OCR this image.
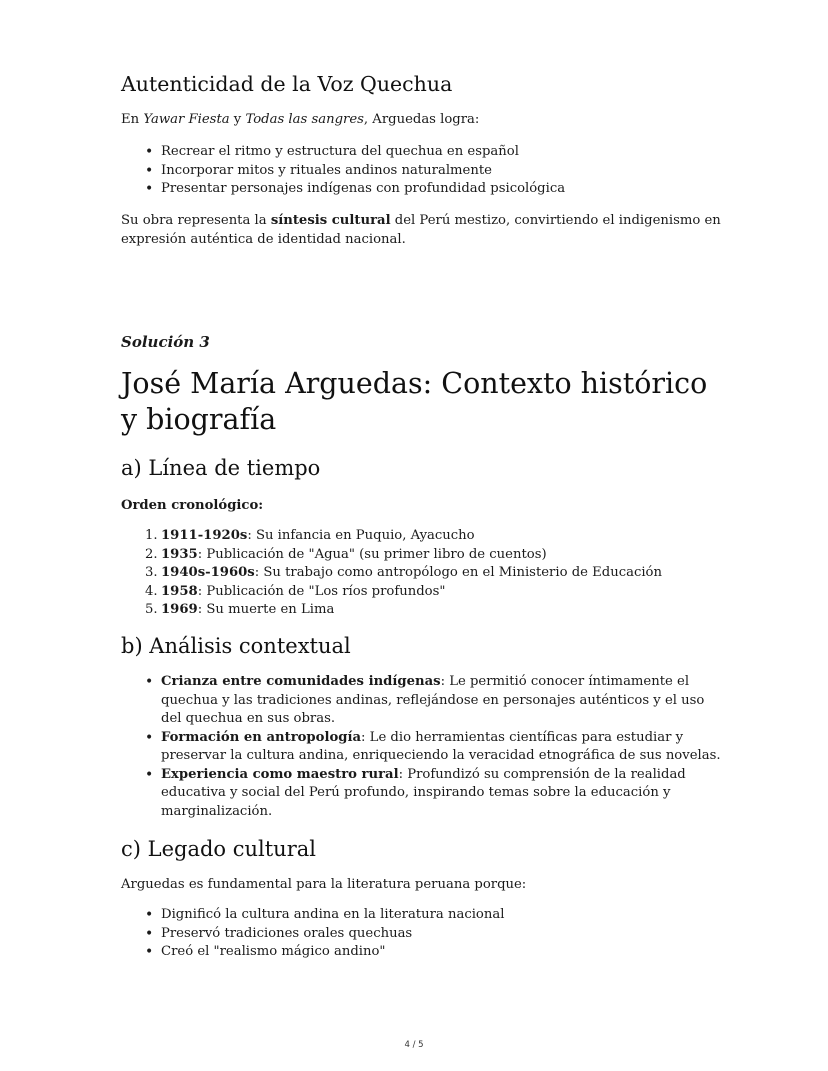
Autenticidad de la Voz Quechua

En Yawar Fiesta y Todas las sangres, Arguedas logra:

• Recrear el ritmo y estructura del quechua en español
• Incorporar mitos y rituales andinos naturalmente
• Presentar personajes indígenas con profundidad psicológica

Su obra representa la síntesis cultural del Perú mestizo, convirtiendo el indigenismo en expresión auténtica de identidad nacional.

Solución 3
José María Arguedas: Contexto histórico y biografía
a) Línea de tiempo

Orden cronológico:

1. 1911-1920s: Su infancia en Puquio, Ayacucho
2. 1935: Publicación de "Agua" (su primer libro de cuentos)
3. 1940s-1960s: Su trabajo como antropólogo en el Ministerio de Educación
4. 1958: Publicación de "Los ríos profundos"
5. 1969: Su muerte en Lima
b) Análisis contextual
• Crianza entre comunidades indígenas: Le permitió conocer íntimamente el quechua y las tradiciones andinas, reflejándose en personajes auténticos y el uso del quechua en sus obras.
• Formación en antropología: Le dio herramientas científicas para estudiar y preservar la cultura andina, enriqueciendo la veracidad etnográfica de sus novelas.
• Experiencia como maestro rural: Profundizó su comprensión de la realidad educativa y social del Perú profundo, inspirando temas sobre la educación y marginalización.
c) Legado cultural

Arguedas es fundamental para la literatura peruana porque:

• Dignificó la cultura andina en la literatura nacional
• Preservó tradiciones orales quechuas
• Creó el "realismo mágico andino"
4 / 5
